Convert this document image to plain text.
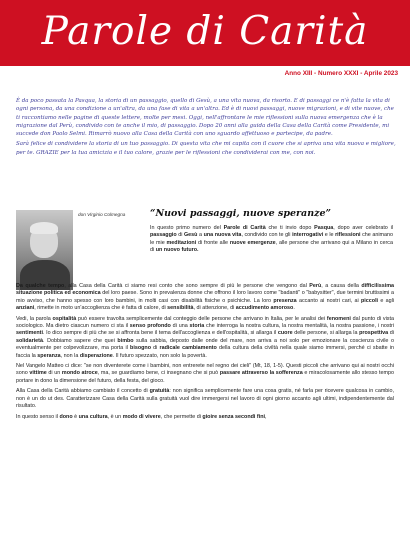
Parole di Carità
Anno XIII - Numero XXXI - Aprile 2023

È da poco passata la Pasqua, la storia di un passaggio, quello di Gesù, a una vita nuova, da risorto. E di passaggi ce n'è fatta la vita di ogni persona, da una condizione a un'altra, da una fase di vita a un'altra. Ed è di nuovi passaggi, nuove migrazioni, e di vite nuove, che ti raccontiamo nelle pagine di queste lettere, molte per mesi. Oggi, nell'affrontare le mie riflessioni sulla nuova emergenza che è la migrazione dal Perù, condivido con te anche il mio, di passaggio. Dopo 20 anni alla guida della Casa della Carità come Presidente, mi succede don Paolo Selmi. Rimarrò nuovo alla Casa della Carità con uno sguardo affettuoso e partecipe, da padre.

Sarà felice di condividere la storia di un tuo passaggio. Di questa vita che mi capita con il cuore che si apriva una vita nuova e migliore, per te. GRAZIE per la tua amicizia e il tuo calore, grazie per le riflessioni che condividerai con me, con noi.

don Virginio Colmegna	“Nuovi passaggi, nuove speranze”

In questo primo numero del Parole di Carità che ti invio dopo Pasqua, dopo aver celebrato il passaggio di Gesù a una nuova vita, condivido con te gli interrogativi e le riflessioni che animano le mie meditazioni di fronte alle nuove emergenze, alle persone che arrivano qui a Milano in cerca di un nuovo futuro.

Da qualche tempo, alla Casa della Carità ci siamo resi conto che sono sempre di più le persone che vengono dal Perù, a causa della difficilissima situazione politica ed economica del loro paese. Sono in prevalenza donne che offrono il loro lavoro come "badanti" o "babysitter", due termini bruttissimi a mio avviso, che hanno spesso con loro bambini, in molti casi con disabilità fisiche o psichiche. La loro presenza accanto ai nostri cari, ai piccoli e agli anziani, rimette in moto un'accoglienza che è fatta di calore, di sensibilità, di attenzione, di accudimento amoroso.

Vedi, la parola ospitalità può essere travolta semplicemente dal conteggio delle persone che arrivano in Italia, per le analisi dei fenomeni dal punto di vista sociologico. Ma dietro ciascun numero ci sta il senso profondo di una storia che interroga la nostra cultura, la nostra mentalità, la nostra passione, i nostri sentimenti. Io dico sempre di più che se si affronta bene il tema dell'accoglienza e dell'ospitalità, si allarga il cuore delle persone, si allarga la prospettiva di solidarietà. Dobbiamo sapere che quei bimbo sulla sabbia, deposto dalle onde del mare, non arriva a noi solo per emozionare la coscienza civile o eventualmente per colpevolizzare, ma porta il bisogno di radicale cambiamento della cultura della civiltà nella quale siamo immersi, perché ci sbatte in faccia la speranza, non la disperazione. Il futuro spezzato, non solo la povertà.

Nel Vangelo Matteo ci dice: "se non diventerete come i bambini, non entrerete nel regno dei cieli" (Mt, 18, 1-5). Questi piccoli che arrivano qui ai nostri occhi sono vittime di un mondo atroce, ma, se guardiamo bene, ci insegnano che si può passare attraverso la sofferenza e miracolosamente allo stesso tempo portare in dono la dimensione del futuro, della festa, del gioco.

Alla Casa della Carità abbiamo cambiato il concetto di gratuità: non significa semplicemente fare una cosa gratis, né farla per ricevere qualcosa in cambio, non è un do ut des. Caratterizzare Casa della Carità sulla gratuità vuol dire immergersi nel lavoro di ogni giorno accanto agli ultimi, indipendentemente dal risultato.

In questo senso il dono è una cultura, è un modo di vivere, che permette di gioire senza secondi fini,
